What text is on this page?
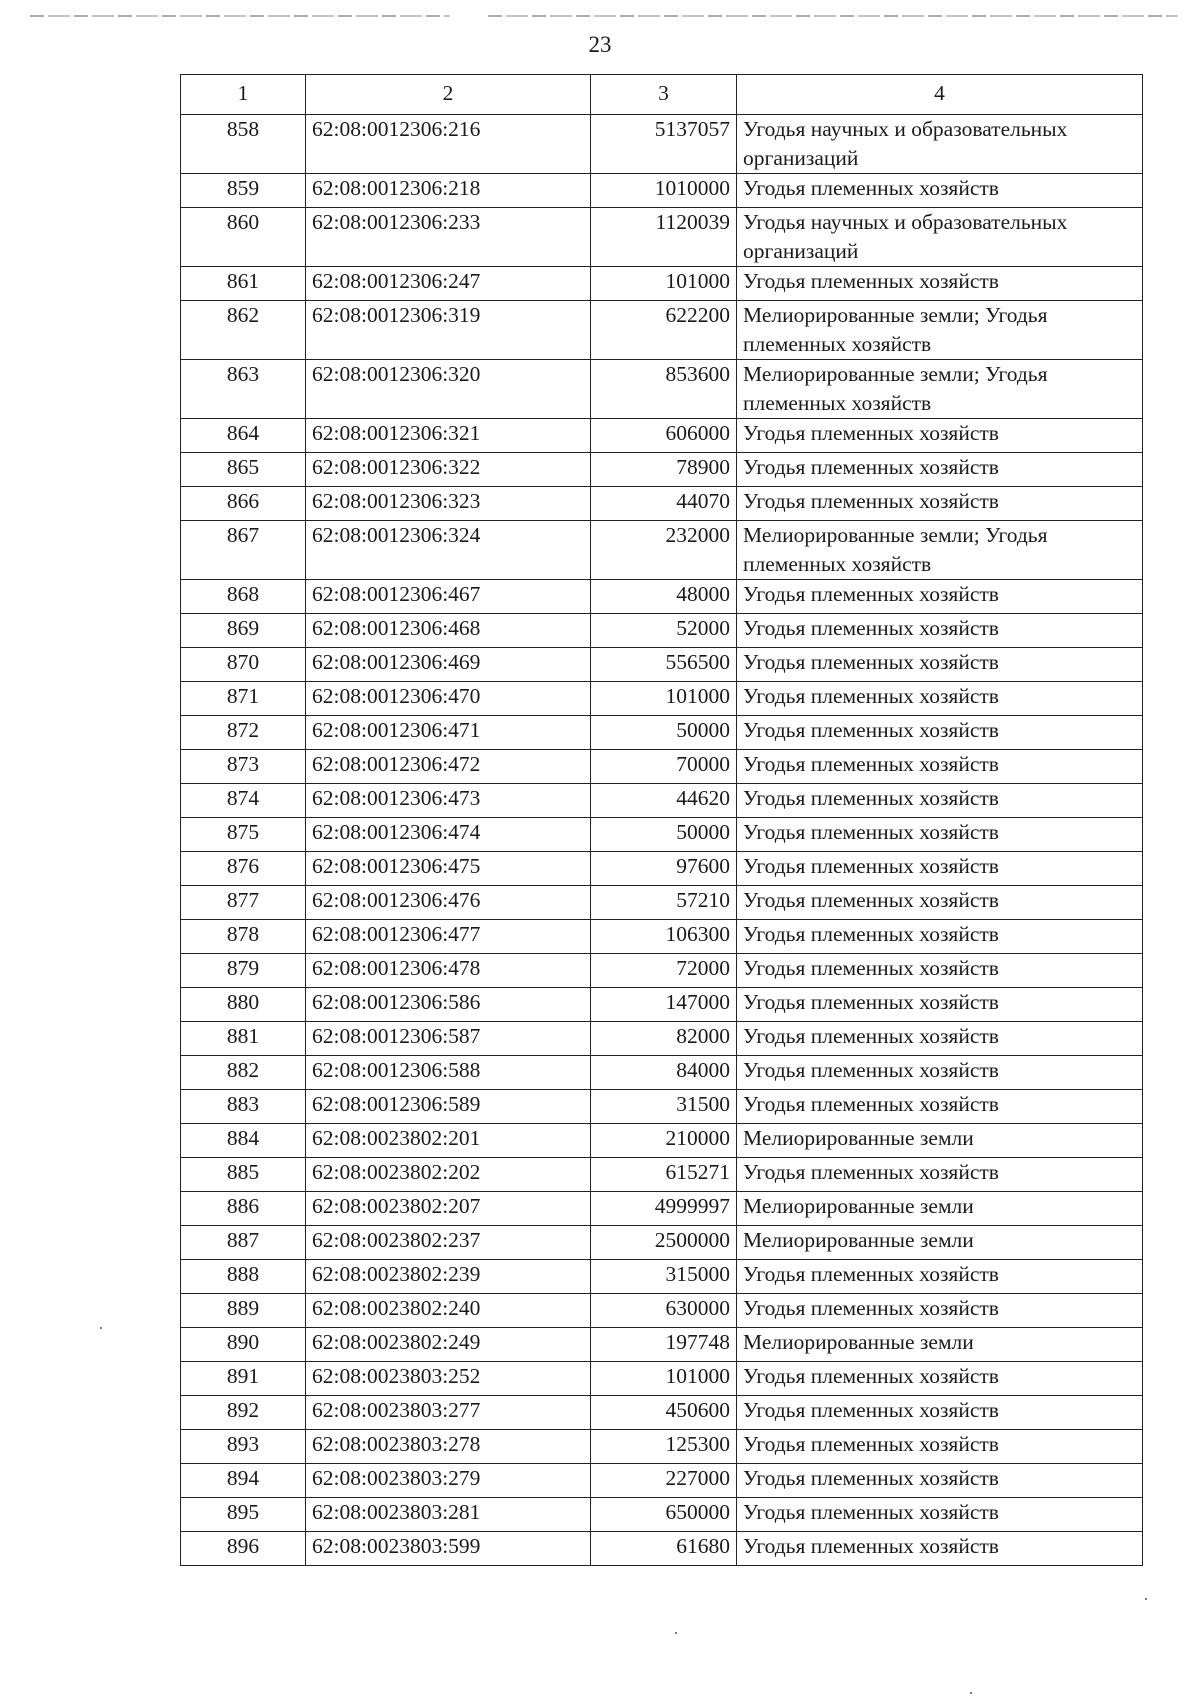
23
1	2	3	4
858	62:08:0012306:216	5137057	Угодья научных и образовательных организаций
859	62:08:0012306:218	1010000	Угодья племенных хозяйств
860	62:08:0012306:233	1120039	Угодья научных и образовательных организаций
861	62:08:0012306:247	101000	Угодья племенных хозяйств
862	62:08:0012306:319	622200	Мелиорированные земли; Угодья племенных хозяйств
863	62:08:0012306:320	853600	Мелиорированные земли; Угодья племенных хозяйств
864	62:08:0012306:321	606000	Угодья племенных хозяйств
865	62:08:0012306:322	78900	Угодья племенных хозяйств
866	62:08:0012306:323	44070	Угодья племенных хозяйств
867	62:08:0012306:324	232000	Мелиорированные земли; Угодья племенных хозяйств
868	62:08:0012306:467	48000	Угодья племенных хозяйств
869	62:08:0012306:468	52000	Угодья племенных хозяйств
870	62:08:0012306:469	556500	Угодья племенных хозяйств
871	62:08:0012306:470	101000	Угодья племенных хозяйств
872	62:08:0012306:471	50000	Угодья племенных хозяйств
873	62:08:0012306:472	70000	Угодья племенных хозяйств
874	62:08:0012306:473	44620	Угодья племенных хозяйств
875	62:08:0012306:474	50000	Угодья племенных хозяйств
876	62:08:0012306:475	97600	Угодья племенных хозяйств
877	62:08:0012306:476	57210	Угодья племенных хозяйств
878	62:08:0012306:477	106300	Угодья племенных хозяйств
879	62:08:0012306:478	72000	Угодья племенных хозяйств
880	62:08:0012306:586	147000	Угодья племенных хозяйств
881	62:08:0012306:587	82000	Угодья племенных хозяйств
882	62:08:0012306:588	84000	Угодья племенных хозяйств
883	62:08:0012306:589	31500	Угодья племенных хозяйств
884	62:08:0023802:201	210000	Мелиорированные земли
885	62:08:0023802:202	615271	Угодья племенных хозяйств
886	62:08:0023802:207	4999997	Мелиорированные земли
887	62:08:0023802:237	2500000	Мелиорированные земли
888	62:08:0023802:239	315000	Угодья племенных хозяйств
889	62:08:0023802:240	630000	Угодья племенных хозяйств
890	62:08:0023802:249	197748	Мелиорированные земли
891	62:08:0023803:252	101000	Угодья племенных хозяйств
892	62:08:0023803:277	450600	Угодья племенных хозяйств
893	62:08:0023803:278	125300	Угодья племенных хозяйств
894	62:08:0023803:279	227000	Угодья племенных хозяйств
895	62:08:0023803:281	650000	Угодья племенных хозяйств
896	62:08:0023803:599	61680	Угодья племенных хозяйств
